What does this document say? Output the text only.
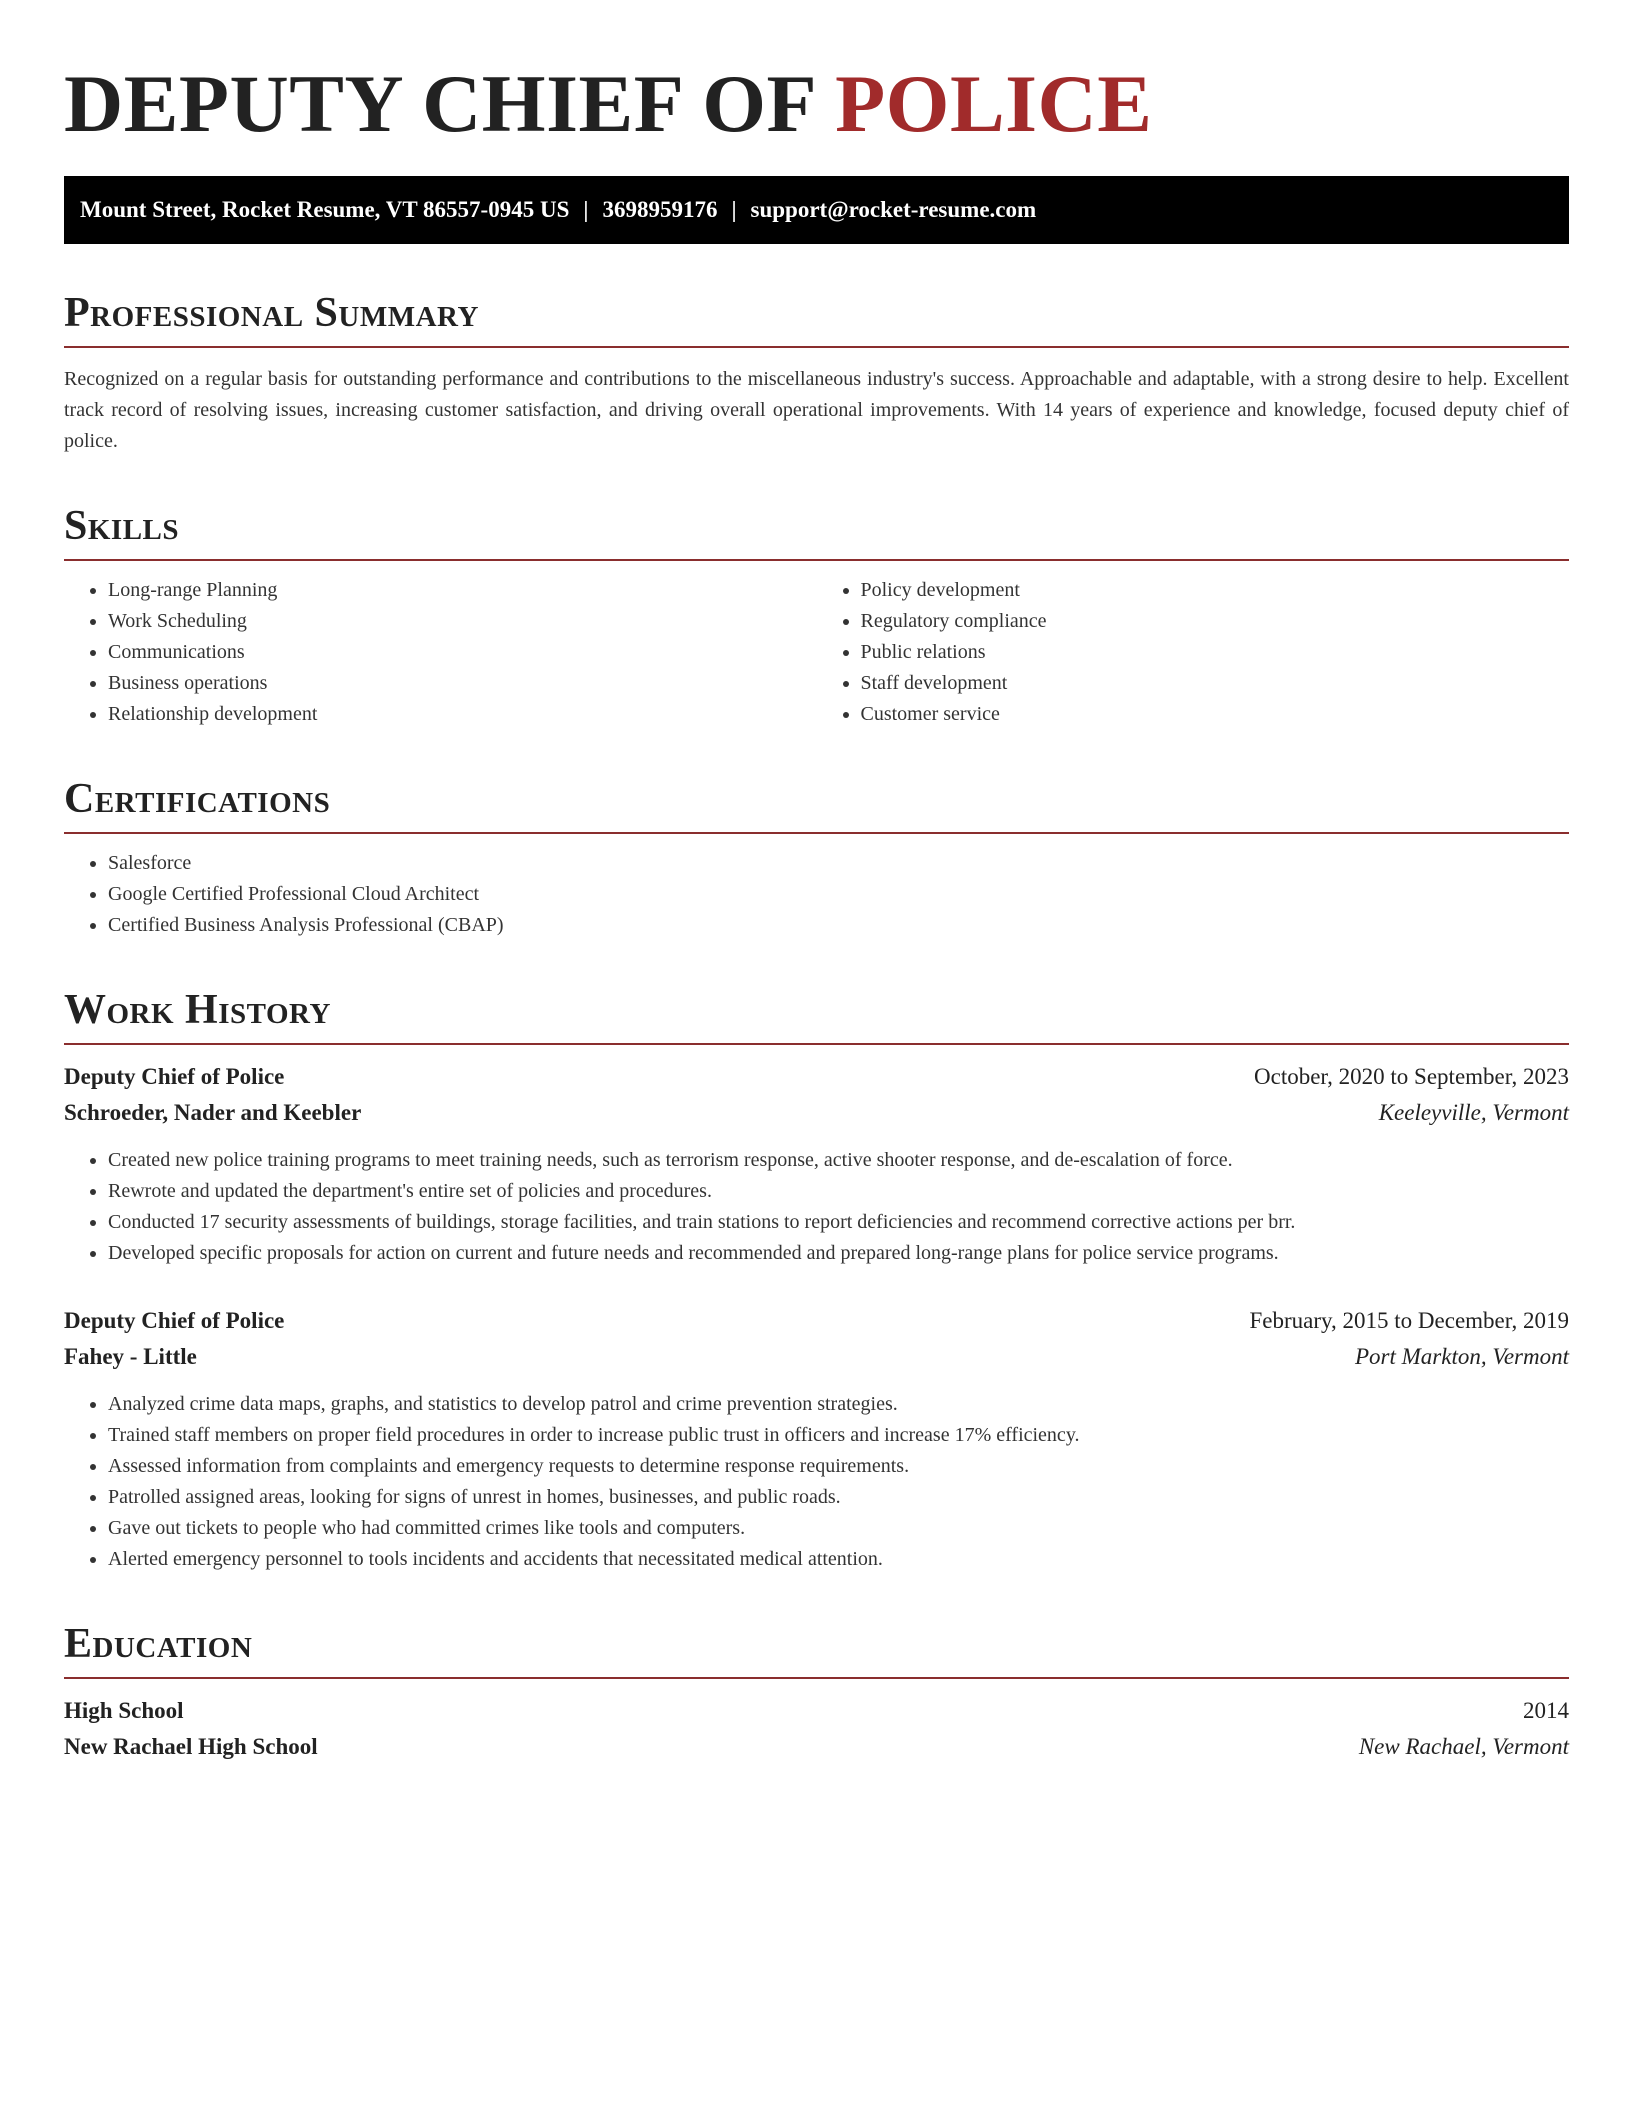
DEPUTY CHIEF OF POLICE
Mount Street, Rocket Resume, VT 86557-0945 US | 3698959176 | support@rocket-resume.com
Professional Summary

Recognized on a regular basis for outstanding performance and contributions to the miscellaneous industry's success. Approachable and adaptable, with a strong desire to help. Excellent track record of resolving issues, increasing customer satisfaction, and driving overall operational improvements. With 14 years of experience and knowledge, focused deputy chief of police.

Skills
• Long-range Planning
• Work Scheduling
• Communications
• Business operations
• Relationship development
• Policy development
• Regulatory compliance
• Public relations
• Staff development
• Customer service
Certifications
• Salesforce
• Google Certified Professional Cloud Architect
• Certified Business Analysis Professional (CBAP)
Work History
Deputy Chief of Police	October, 2020 to September, 2023
Schroeder, Nader and Keebler	Keeleyville, Vermont
• Created new police training programs to meet training needs, such as terrorism response, active shooter response, and de-escalation of force.
• Rewrote and updated the department's entire set of policies and procedures.
• Conducted 17 security assessments of buildings, storage facilities, and train stations to report deficiencies and recommend corrective actions per brr.
• Developed specific proposals for action on current and future needs and recommended and prepared long-range plans for police service programs.
Deputy Chief of Police	February, 2015 to December, 2019
Fahey - Little	Port Markton, Vermont
• Analyzed crime data maps, graphs, and statistics to develop patrol and crime prevention strategies.
• Trained staff members on proper field procedures in order to increase public trust in officers and increase 17% efficiency.
• Assessed information from complaints and emergency requests to determine response requirements.
• Patrolled assigned areas, looking for signs of unrest in homes, businesses, and public roads.
• Gave out tickets to people who had committed crimes like tools and computers.
• Alerted emergency personnel to tools incidents and accidents that necessitated medical attention.
Education
High School	2014
New Rachael High School	New Rachael, Vermont
